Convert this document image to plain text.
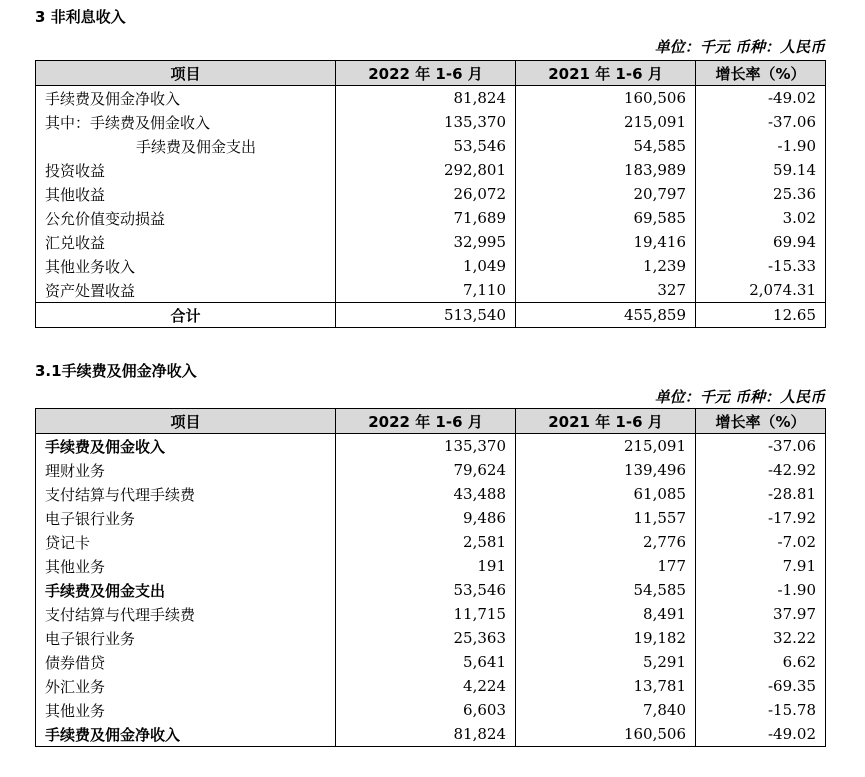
3 非利息收入
单位：千元 币种：人民币
项目	2022 年 1-6 月	2021 年 1-6 月	增长率（%）
手续费及佣金净收入	81,824	160,506	-49.02
其中：手续费及佣金收入	135,370	215,091	-37.06
手续费及佣金支出	53,546	54,585	-1.90
投资收益	292,801	183,989	59.14
其他收益	26,072	20,797	25.36
公允价值变动损益	71,689	69,585	3.02
汇兑收益	32,995	19,416	69.94
其他业务收入	1,049	1,239	-15.33
资产处置收益	7,110	327	2,074.31
合计	513,540	455,859	12.65
3.1手续费及佣金净收入
单位：千元 币种：人民币
项目	2022 年 1-6 月	2021 年 1-6 月	增长率（%）
手续费及佣金收入	135,370	215,091	-37.06
理财业务	79,624	139,496	-42.92
支付结算与代理手续费	43,488	61,085	-28.81
电子银行业务	9,486	11,557	-17.92
贷记卡	2,581	2,776	-7.02
其他业务	191	177	7.91
手续费及佣金支出	53,546	54,585	-1.90
支付结算与代理手续费	11,715	8,491	37.97
电子银行业务	25,363	19,182	32.22
债券借贷	5,641	5,291	6.62
外汇业务	4,224	13,781	-69.35
其他业务	6,603	7,840	-15.78
手续费及佣金净收入	81,824	160,506	-49.02
